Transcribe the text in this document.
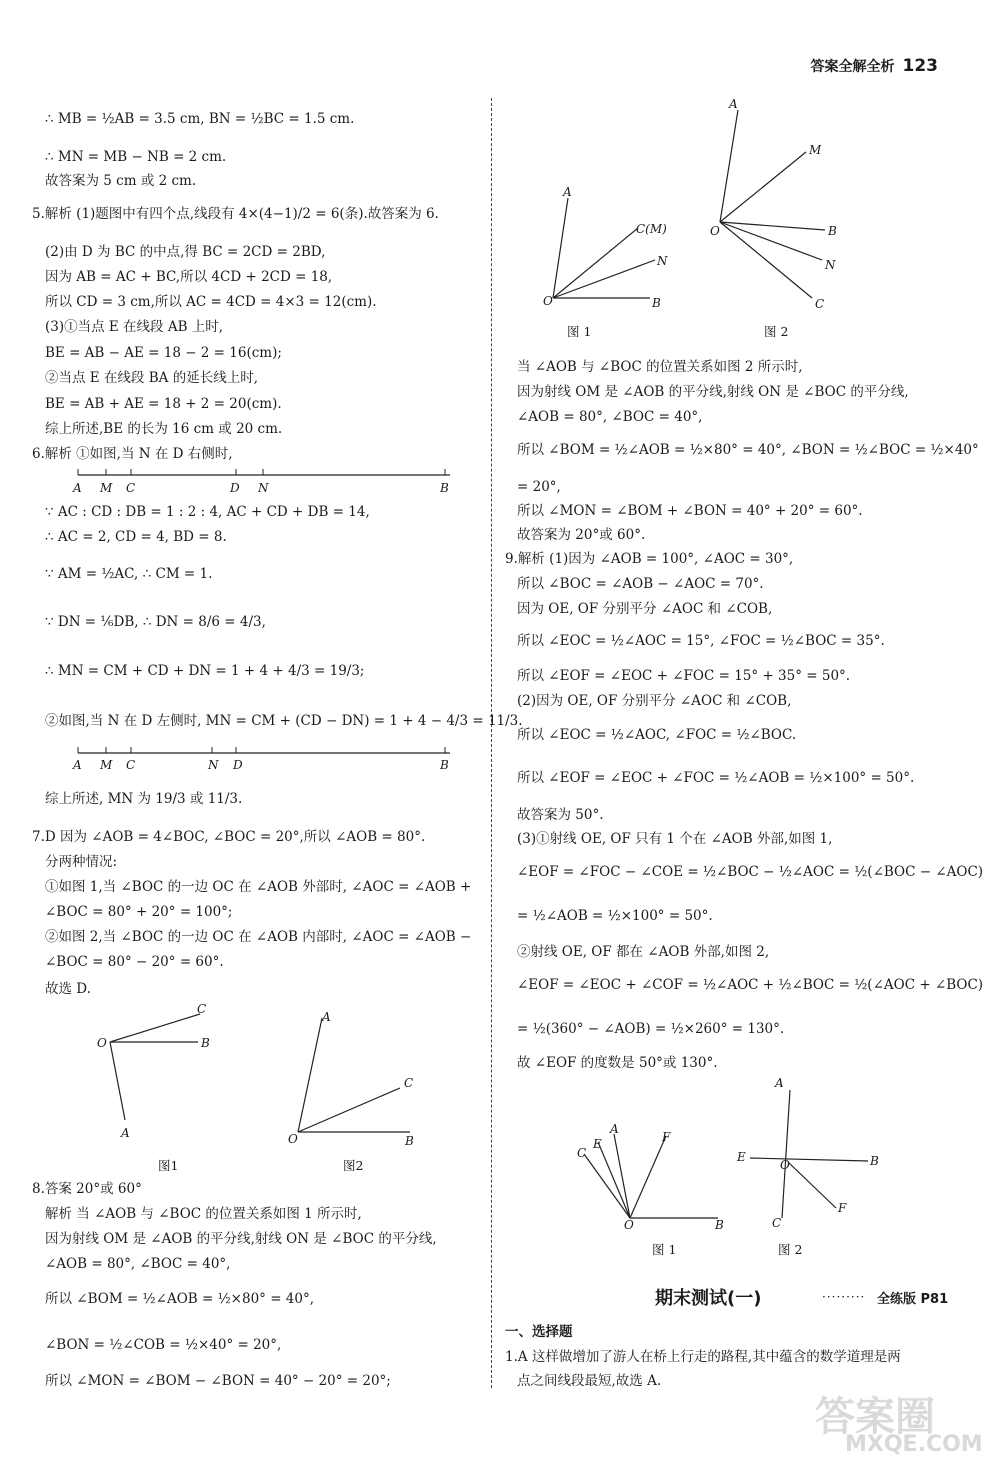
答案全解全析 123
∴ MB = ½AB = 3.5 cm, BN = ½BC = 1.5 cm.
∴ MN = MB − NB = 2 cm.
故答案为 5 cm 或 2 cm.
5.解析 (1)题图中有四个点,线段有 4×(4−1)/2 = 6(条).故答案为 6.
(2)由 D 为 BC 的中点,得 BC = 2CD = 2BD,
因为 AB = AC + BC,所以 4CD + 2CD = 18,
所以 CD = 3 cm,所以 AC = 4CD = 4×3 = 12(cm).
(3)①当点 E 在线段 AB 上时,
BE = AB − AE = 18 − 2 = 16(cm);
②当点 E 在线段 BA 的延长线上时,
BE = AB + AE = 18 + 2 = 20(cm).
综上所述,BE 的长为 16 cm 或 20 cm.
6.解析 ①如图,当 N 在 D 右侧时,
A M C	D N	B
∵ AC : CD : DB = 1 : 2 : 4, AC + CD + DB = 14,
∴ AC = 2, CD = 4, BD = 8.
∵ AM = ½AC, ∴ CM = 1.
∵ DN = ⅙DB, ∴ DN = 8/6 = 4/3,
∴ MN = CM + CD + DN = 1 + 4 + 4/3 = 19/3;
②如图,当 N 在 D 左侧时, MN = CM + (CD − DN) = 1 + 4 − 4/3 = 11/3.
A M C	N D	B
综上所述, MN 为 19/3 或 11/3.
7.D 因为 ∠AOB = 4∠BOC, ∠BOC = 20°,所以 ∠AOB = 80°.
分两种情况:
①如图 1,当 ∠BOC 的一边 OC 在 ∠AOB 外部时, ∠AOC = ∠AOB +
∠BOC = 80° + 20° = 100°;
②如图 2,当 ∠BOC 的一边 OC 在 ∠AOB 内部时, ∠AOC = ∠AOB −
∠BOC = 80° − 20° = 60°.
故选 D.
C
O	B
A
A
C
O	B
图1	图2
8.答案 20°或 60°
解析 当 ∠AOB 与 ∠BOC 的位置关系如图 1 所示时,
因为射线 OM 是 ∠AOB 的平分线,射线 ON 是 ∠BOC 的平分线,
∠AOB = 80°, ∠BOC = 40°,
所以 ∠BOM = ½∠AOB = ½×80° = 40°,
∠BON = ½∠COB = ½×40° = 20°,
所以 ∠MON = ∠BOM − ∠BON = 40° − 20° = 20°;
A
C(M)
N
O	B
A
M
O	B
N
C
图 1	图 2
当 ∠AOB 与 ∠BOC 的位置关系如图 2 所示时,
因为射线 OM 是 ∠AOB 的平分线,射线 ON 是 ∠BOC 的平分线,
∠AOB = 80°, ∠BOC = 40°,
所以 ∠BOM = ½∠AOB = ½×80° = 40°, ∠BON = ½∠BOC = ½×40°
= 20°,
所以 ∠MON = ∠BOM + ∠BON = 40° + 20° = 60°.
故答案为 20°或 60°.
9.解析 (1)因为 ∠AOB = 100°, ∠AOC = 30°,
所以 ∠BOC = ∠AOB − ∠AOC = 70°.
因为 OE, OF 分别平分 ∠AOC 和 ∠COB,
所以 ∠EOC = ½∠AOC = 15°, ∠FOC = ½∠BOC = 35°.
所以 ∠EOF = ∠EOC + ∠FOC = 15° + 35° = 50°.
(2)因为 OE, OF 分别平分 ∠AOC 和 ∠COB,
所以 ∠EOC = ½∠AOC, ∠FOC = ½∠BOC.
所以 ∠EOF = ∠EOC + ∠FOC = ½∠AOB = ½×100° = 50°.
故答案为 50°.
(3)①射线 OE, OF 只有 1 个在 ∠AOB 外部,如图 1,
∠EOF = ∠FOC − ∠COE = ½∠BOC − ½∠AOC = ½(∠BOC − ∠AOC)
= ½∠AOB = ½×100° = 50°.
②射线 OE, OF 都在 ∠AOB 外部,如图 2,
∠EOF = ∠EOC + ∠COF = ½∠AOC + ½∠BOC = ½(∠AOC + ∠BOC)
= ½(360° − ∠AOB) = ½×260° = 130°.
故 ∠EOF 的度数是 50°或 130°.
C
E
A
F
O	B
A
E
O	B
F
C
图 1	图 2
期末测试(一)	········· 全练版 P81
一、选择题
1.A 这样做增加了游人在桥上行走的路程,其中蕴含的数学道理是两
点之间线段最短,故选 A.
答案圈
MXQE.COM
